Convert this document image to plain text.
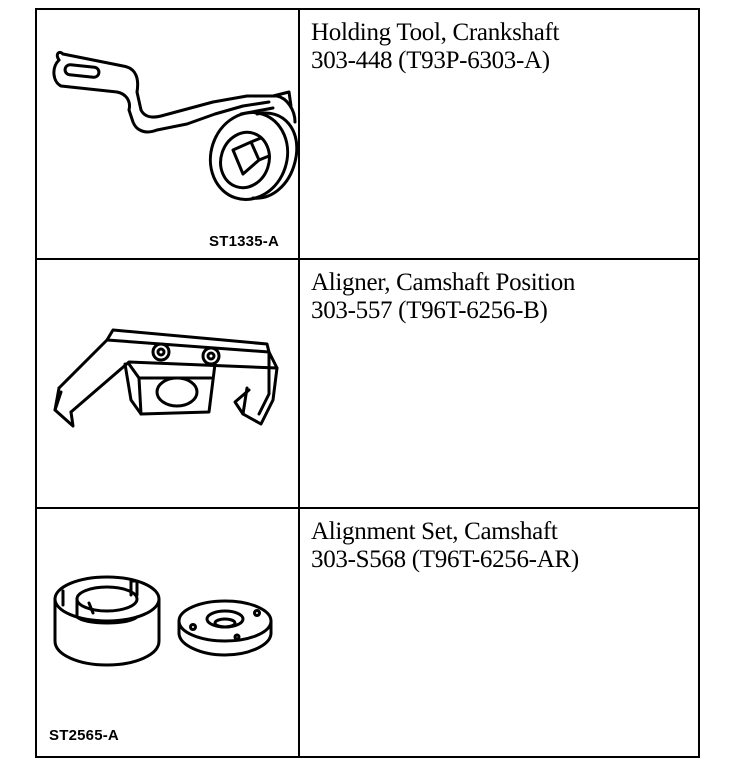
ST1335-A	Holding Tool, Crankshaft
303-448 (T93P-6303-A)

Aligner, Camshaft Position
303-557 (T96T-6256-B)

ST2565-A	Alignment Set, Camshaft
303-S568 (T96T-6256-AR)
